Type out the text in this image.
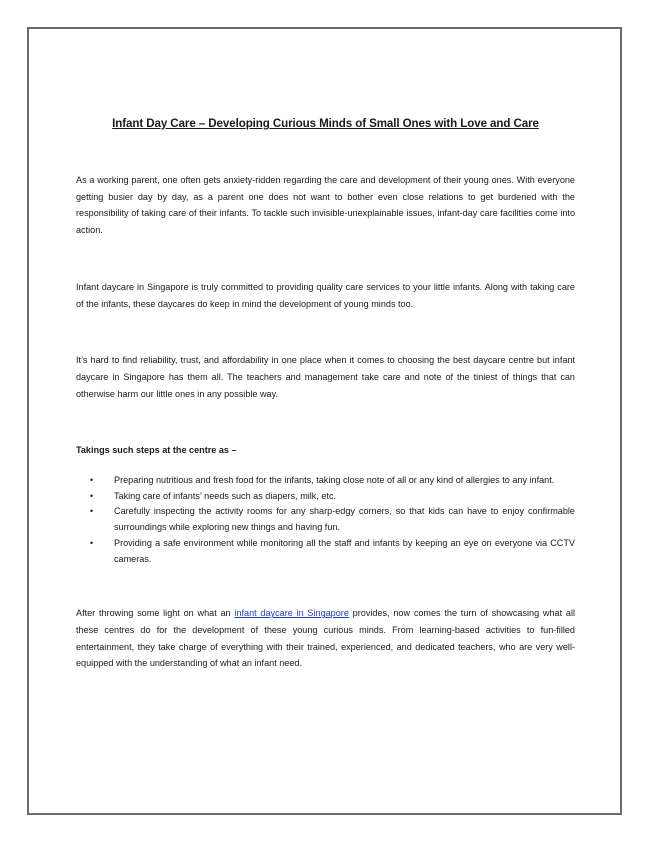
Infant Day Care – Developing Curious Minds of Small Ones with Love and Care

As a working parent, one often gets anxiety-ridden regarding the care and development of their young ones. With everyone getting busier day by day, as a parent one does not want to bother even close relations to get burdened with the responsibility of taking care of their infants. To tackle such invisible-unexplainable issues, infant-day care facilities come into action.

Infant daycare in Singapore is truly committed to providing quality care services to your little infants. Along with taking care of the infants, these daycares do keep in mind the development of young minds too.

It’s hard to find reliability, trust, and affordability in one place when it comes to choosing the best daycare centre but infant daycare in Singapore has them all. The teachers and management take care and note of the tiniest of things that can otherwise harm our little ones in any possible way.

Takings such steps at the centre as –
• Preparing nutritious and fresh food for the infants, taking close note of all or any kind of allergies to any infant.
• Taking care of infants’ needs such as diapers, milk, etc.
• Carefully inspecting the activity rooms for any sharp-edgy corners, so that kids can have to enjoy confirmable surroundings while exploring new things and having fun.
• Providing a safe environment while monitoring all the staff and infants by keeping an eye on everyone via CCTV cameras.

After throwing some light on what an infant daycare in Singapore provides, now comes the turn of showcasing what all these centres do for the development of these young curious minds. From learning-based activities to fun-filled entertainment, they take charge of everything with their trained, experienced, and dedicated teachers, who are very well-equipped with the understanding of what an infant need.
